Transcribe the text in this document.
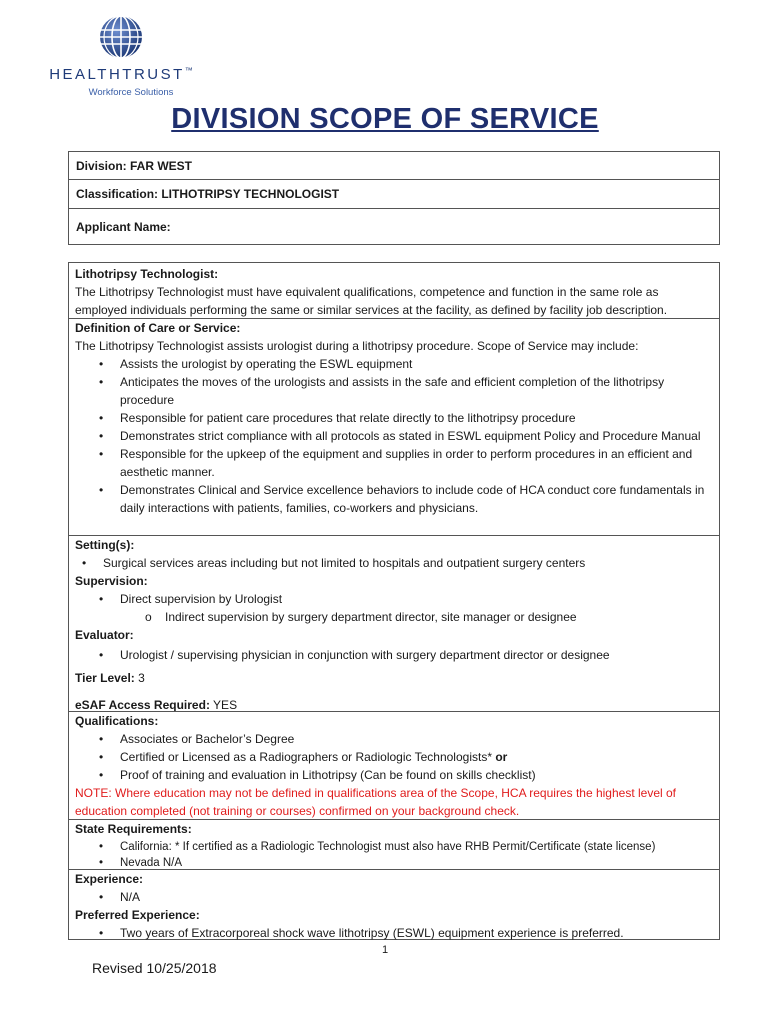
HEALTHTRUST™
Workforce Solutions
DIVISION SCOPE OF SERVICE
Division: FAR WEST
Classification: LITHOTRIPSY TECHNOLOGIST
Applicant Name:
Lithotripsy Technologist:
The Lithotripsy Technologist must have equivalent qualifications, competence and function in the same role as employed individuals performing the same or similar services at the facility, as defined by facility job description.
Definition of Care or Service:
The Lithotripsy Technologist assists urologist during a lithotripsy procedure. Scope of Service may include:
• Assists the urologist by operating the ESWL equipment
• Anticipates the moves of the urologists and assists in the safe and efficient completion of the lithotripsy procedure
• Responsible for patient care procedures that relate directly to the lithotripsy procedure
• Demonstrates strict compliance with all protocols as stated in ESWL equipment Policy and Procedure Manual
• Responsible for the upkeep of the equipment and supplies in order to perform procedures in an efficient and aesthetic manner.
• Demonstrates Clinical and Service excellence behaviors to include code of HCA conduct core fundamentals in daily interactions with patients, families, co-workers and physicians.
Setting(s):
• Surgical services areas including but not limited to hospitals and outpatient surgery centers
Supervision:
• Direct supervision by Urologist
o Indirect supervision by surgery department director, site manager or designee
Evaluator:
• Urologist / supervising physician in conjunction with surgery department director or designee
Tier Level: 3
eSAF Access Required: YES
Qualifications:
• Associates or Bachelor’s Degree
• Certified or Licensed as a Radiographers or Radiologic Technologists* or
• Proof of training and evaluation in Lithotripsy (Can be found on skills checklist)
NOTE: Where education may not be defined in qualifications area of the Scope, HCA requires the highest level of education completed (not training or courses) confirmed on your background check.
State Requirements:
• California: * If certified as a Radiologic Technologist must also have RHB Permit/Certificate (state license)
• Nevada N/A
Experience:
• N/A
Preferred Experience:
• Two years of Extracorporeal shock wave lithotripsy (ESWL) equipment experience is preferred.
1
Revised 10/25/2018
